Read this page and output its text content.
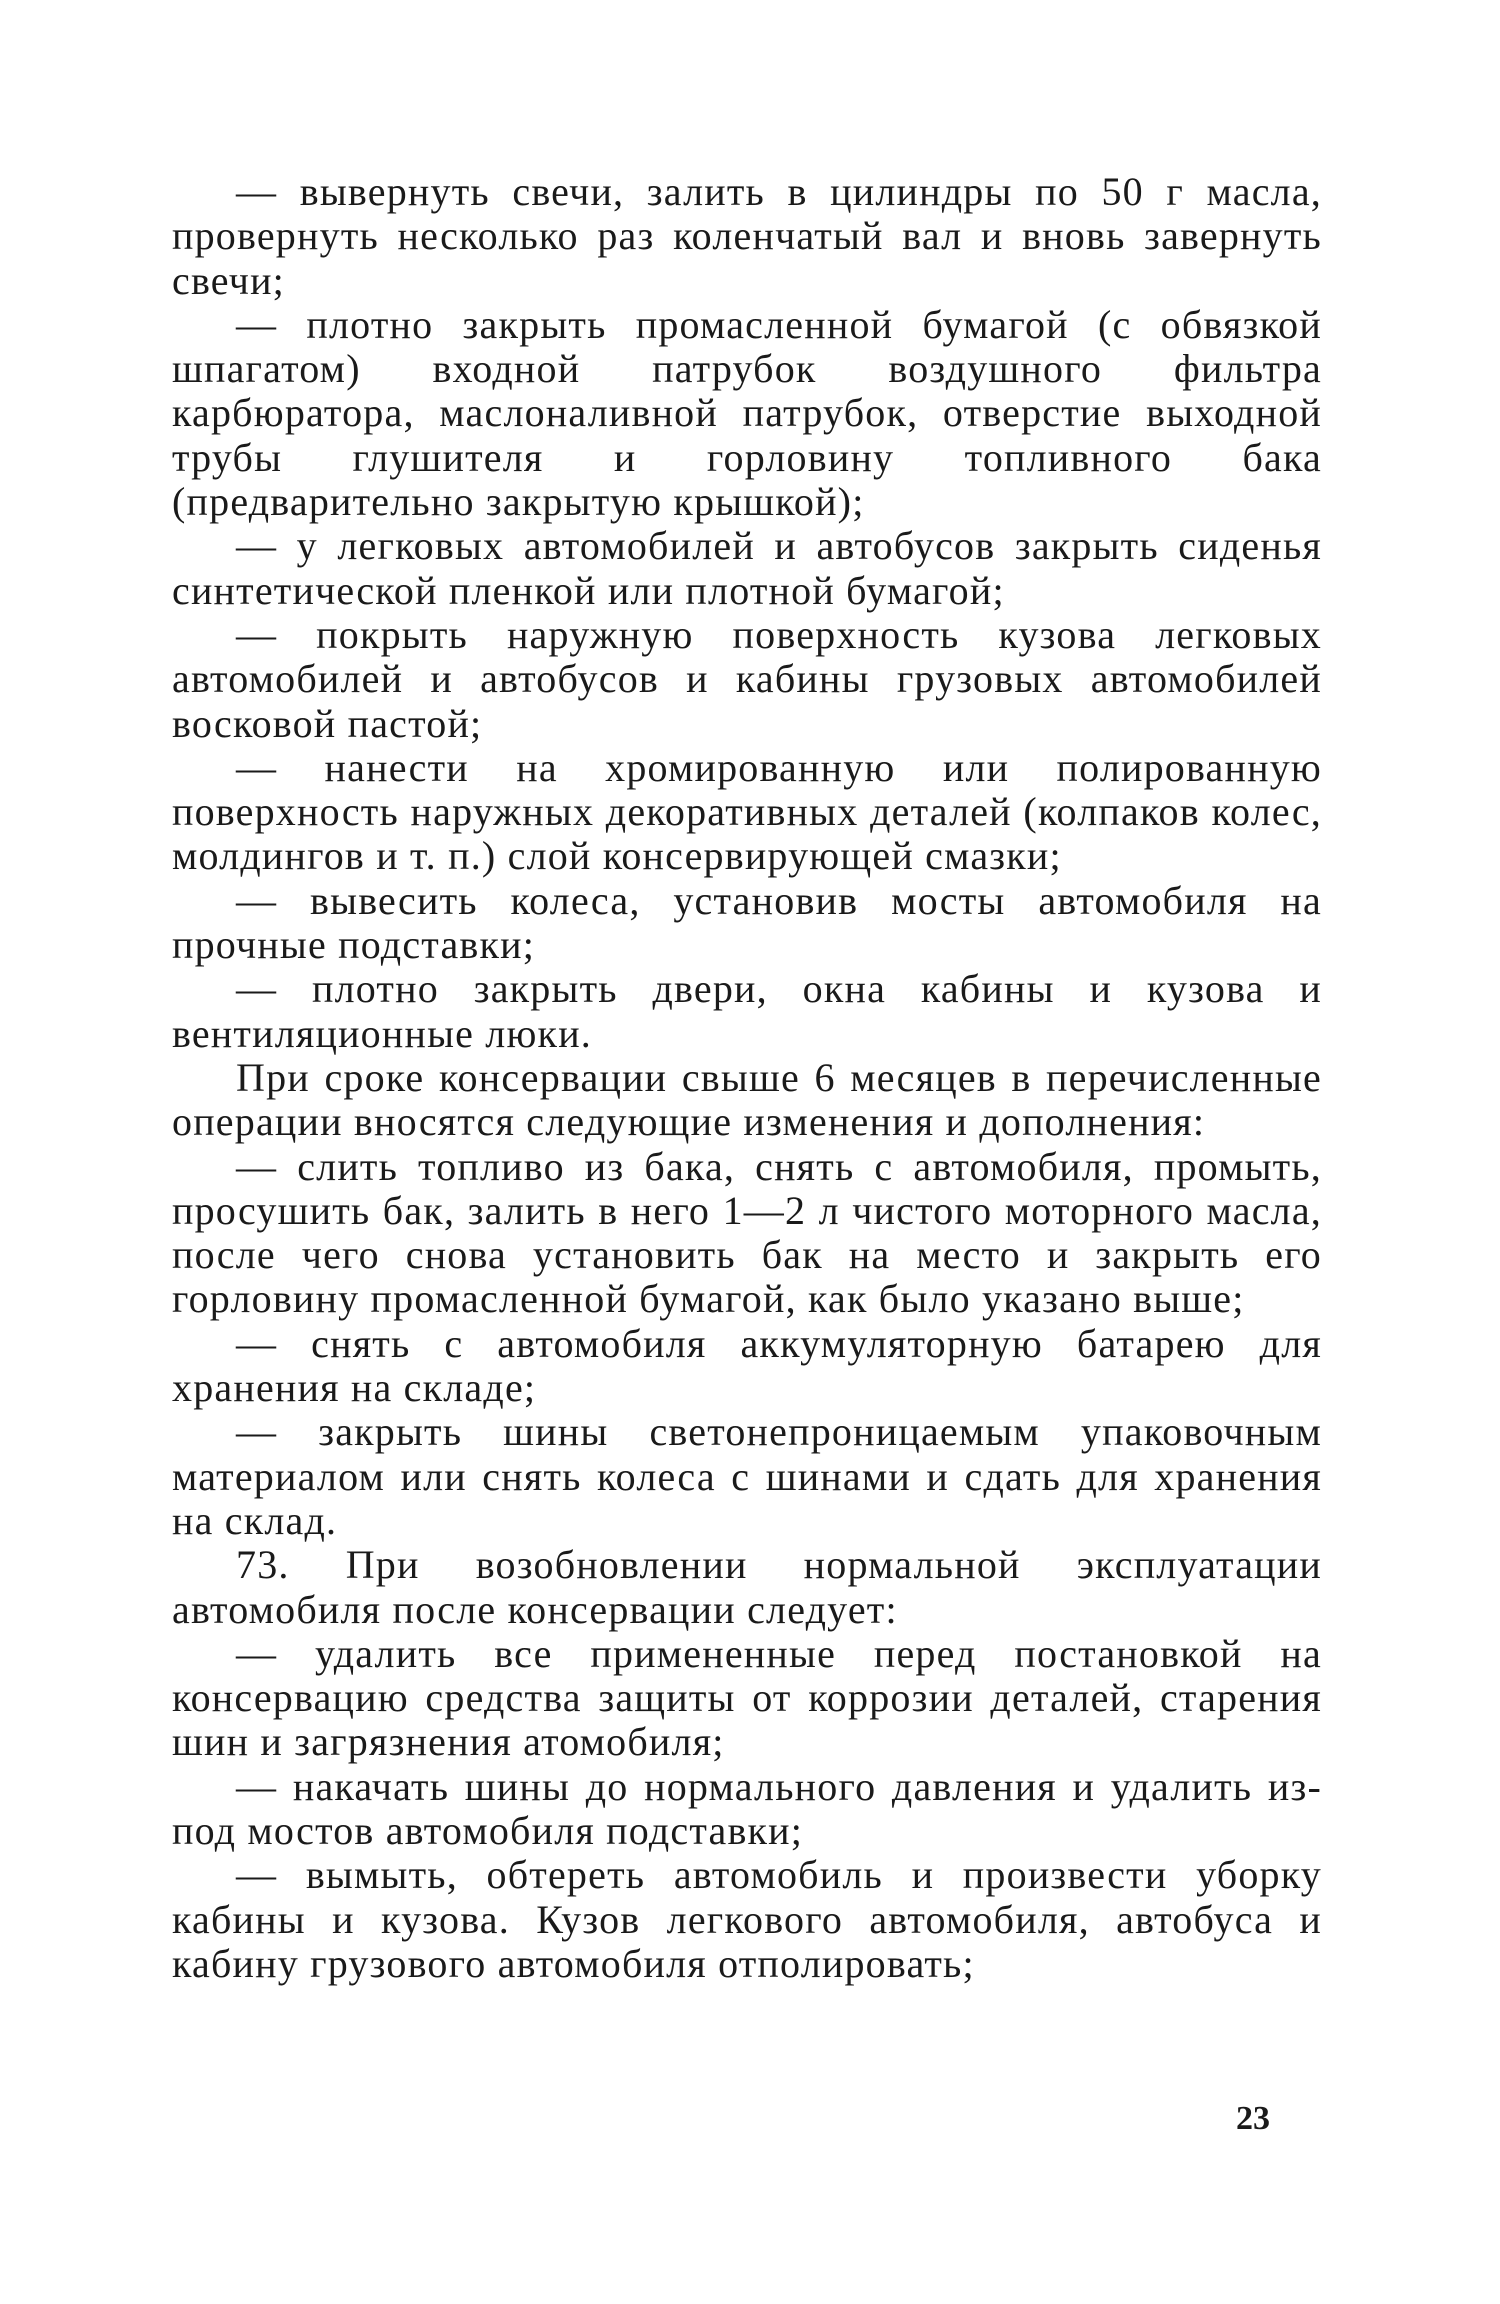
— вывернуть свечи, залить в цилиндры по 50 г масла, провернуть несколько раз коленчатый вал и вновь завернуть свечи;

— плотно закрыть промасленной бумагой (с обвязкой шпагатом) входной патрубок воздушного фильтра карбюратора, маслоналивной патрубок, отверстие выходной трубы глушителя и горловину топливного бака (предварительно закрытую крышкой);

— у легковых автомобилей и автобусов закрыть сиденья синтетической пленкой или плотной бумагой;

— покрыть наружную поверхность кузова легковых автомобилей и автобусов и кабины грузовых автомобилей восковой пастой;

— нанести на хромированную или полированную поверхность наружных декоративных деталей (колпаков колес, молдингов и т. п.) слой консервирующей смазки;

— вывесить колеса, установив мосты автомобиля на прочные подставки;

— плотно закрыть двери, окна кабины и кузова и вентиляционные люки.

При сроке консервации свыше 6 месяцев в перечисленные операции вносятся следующие изменения и дополнения:

— слить топливо из бака, снять с автомобиля, промыть, просушить бак, залить в него 1—2 л чистого моторного масла, после чего снова установить бак на место и закрыть его горловину промасленной бумагой, как было указано выше;

— снять с автомобиля аккумуляторную батарею для хранения на складе;

— закрыть шины светонепроницаемым упаковочным материалом или снять колеса с шинами и сдать для хранения на склад.

73. При возобновлении нормальной эксплуатации автомобиля после консервации следует:

— удалить все примененные перед постановкой на консервацию средства защиты от коррозии деталей, старения шин и загрязнения атомобиля;

— накачать шины до нормального давления и удалить из-под мостов автомобиля подставки;

— вымыть, обтереть автомобиль и произвести уборку кабины и кузова. Кузов легкового автомобиля, автобуса и кабину грузового автомобиля отполировать;

23
